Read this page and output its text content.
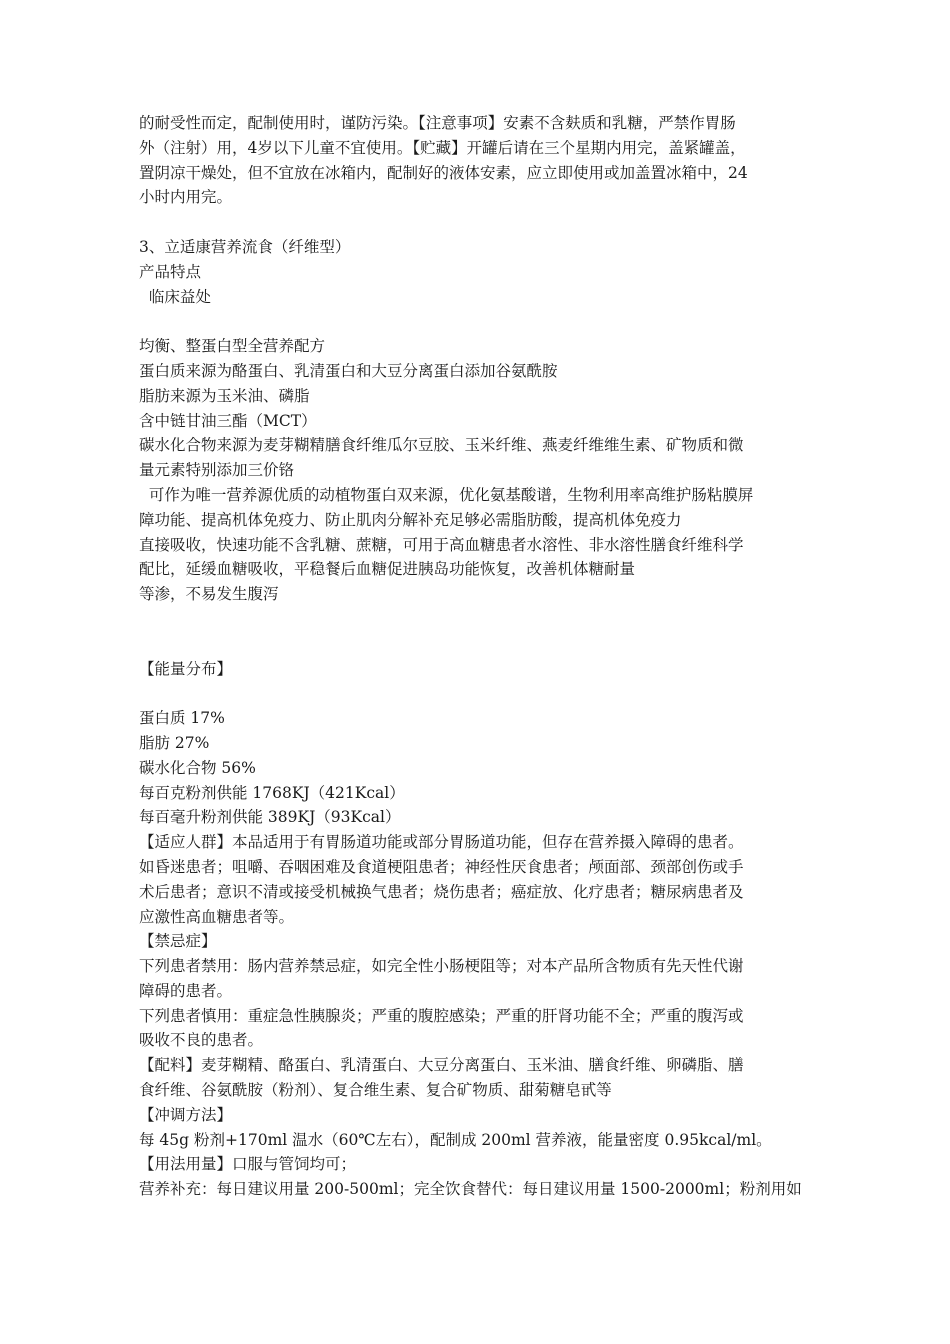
的耐受性而定，配制使用时，谨防污染。【注意事项】安素不含麸质和乳糖，严禁作胃肠

外（注射）用，4岁以下儿童不宜使用。【贮藏】开罐后请在三个星期内用完，盖紧罐盖，

置阴凉干燥处，但不宜放在冰箱内，配制好的液体安素，应立即使用或加盖置冰箱中，24

小时内用完。

3、立适康营养流食（纤维型）

产品特点

临床益处

均衡、整蛋白型全营养配方

蛋白质来源为酪蛋白、乳清蛋白和大豆分离蛋白添加谷氨酰胺

脂肪来源为玉米油、磷脂

含中链甘油三酯（MCT）

碳水化合物来源为麦芽糊精膳食纤维瓜尔豆胶、玉米纤维、燕麦纤维维生素、矿物质和微

量元素特别添加三价铬

可作为唯一营养源优质的动植物蛋白双来源，优化氨基酸谱，生物利用率高维护肠粘膜屏

障功能、提高机体免疫力、防止肌肉分解补充足够必需脂肪酸，提高机体免疫力

直接吸收，快速功能不含乳糖、蔗糖，可用于高血糖患者水溶性、非水溶性膳食纤维科学

配比，延缓血糖吸收，平稳餐后血糖促进胰岛功能恢复，改善机体糖耐量

等渗，不易发生腹泻

【能量分布】

蛋白质 17%

脂肪 27%

碳水化合物 56%

每百克粉剂供能 1768KJ（421Kcal）

每百毫升粉剂供能 389KJ（93Kcal）

【适应人群】本品适用于有胃肠道功能或部分胃肠道功能，但存在营养摄入障碍的患者。

如昏迷患者；咀嚼、吞咽困难及食道梗阻患者；神经性厌食患者；颅面部、颈部创伤或手

术后患者；意识不清或接受机械换气患者；烧伤患者；癌症放、化疗患者；糖尿病患者及

应激性高血糖患者等。

【禁忌症】

下列患者禁用：肠内营养禁忌症，如完全性小肠梗阻等；对本产品所含物质有先天性代谢

障碍的患者。

下列患者慎用：重症急性胰腺炎；严重的腹腔感染；严重的肝肾功能不全；严重的腹泻或

吸收不良的患者。

【配料】麦芽糊精、酪蛋白、乳清蛋白、大豆分离蛋白、玉米油、膳食纤维、卵磷脂、膳

食纤维、谷氨酰胺（粉剂）、复合维生素、复合矿物质、甜菊糖皂甙等

【冲调方法】

每 45g 粉剂+170ml 温水（60℃左右），配制成 200ml 营养液，能量密度 0.95kcal/ml。

【用法用量】口服与管饲均可；

营养补充：每日建议用量 200-500ml；完全饮食替代：每日建议用量 1500-2000ml；粉剂用如
